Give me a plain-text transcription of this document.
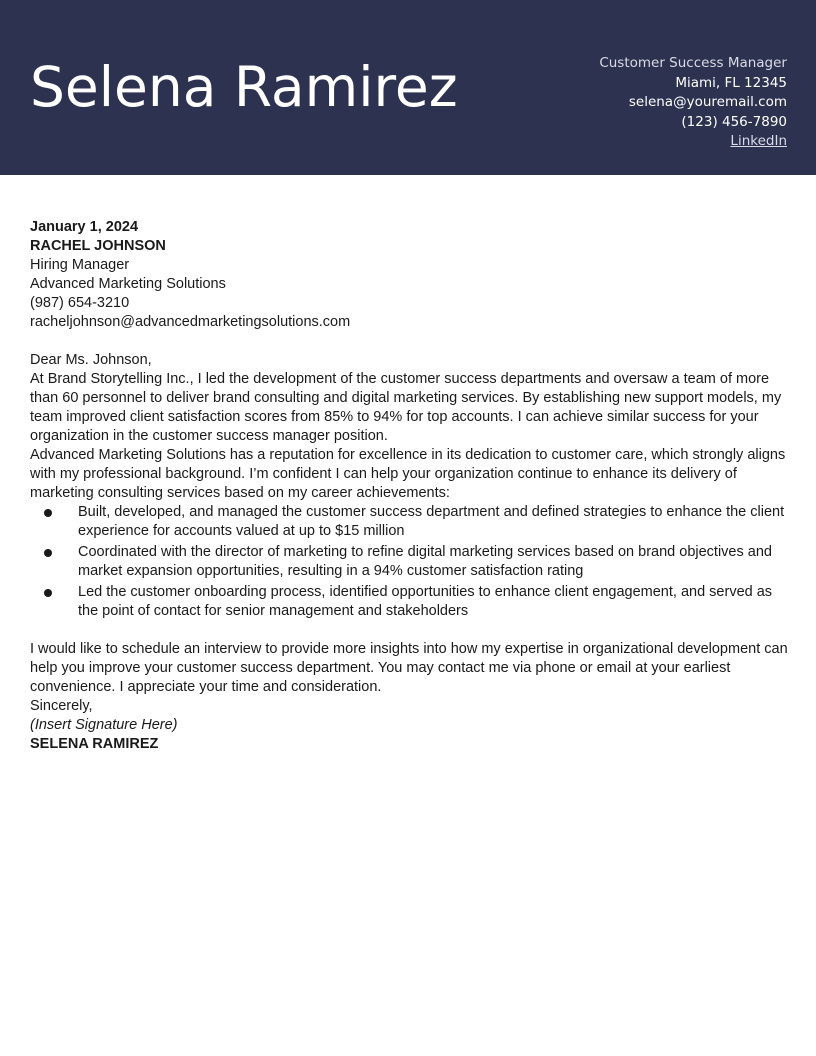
Selena Ramirez	Customer Success Manager
Miami, FL 12345
selena@youremail.com
(123) 456-7890
LinkedIn

January 1, 2024

RACHEL JOHNSON

Hiring Manager

Advanced Marketing Solutions

(987) 654-3210

racheljohnson@advancedmarketingsolutions.com

Dear Ms. Johnson,

At Brand Storytelling Inc., I led the development of the customer success departments and oversaw a team of more than 60 personnel to deliver brand consulting and digital marketing services. By establishing new support models, my team improved client satisfaction scores from 85% to 94% for top accounts. I can achieve similar success for your organization in the customer success manager position.

Advanced Marketing Solutions has a reputation for excellence in its dedication to customer care, which strongly aligns with my professional background. I’m confident I can help your organization continue to enhance its delivery of marketing consulting services based on my career achievements:

Built, developed, and managed the customer success department and defined strategies to enhance the client experience for accounts valued at up to $15 million
Coordinated with the director of marketing to refine digital marketing services based on brand objectives and market expansion opportunities, resulting in a 94% customer satisfaction rating
Led the customer onboarding process, identified opportunities to enhance client engagement, and served as the point of contact for senior management and stakeholders

I would like to schedule an interview to provide more insights into how my expertise in organizational development can help you improve your customer success department. You may contact me via phone or email at your earliest convenience. I appreciate your time and consideration.

Sincerely,

(Insert Signature Here)

SELENA RAMIREZ
